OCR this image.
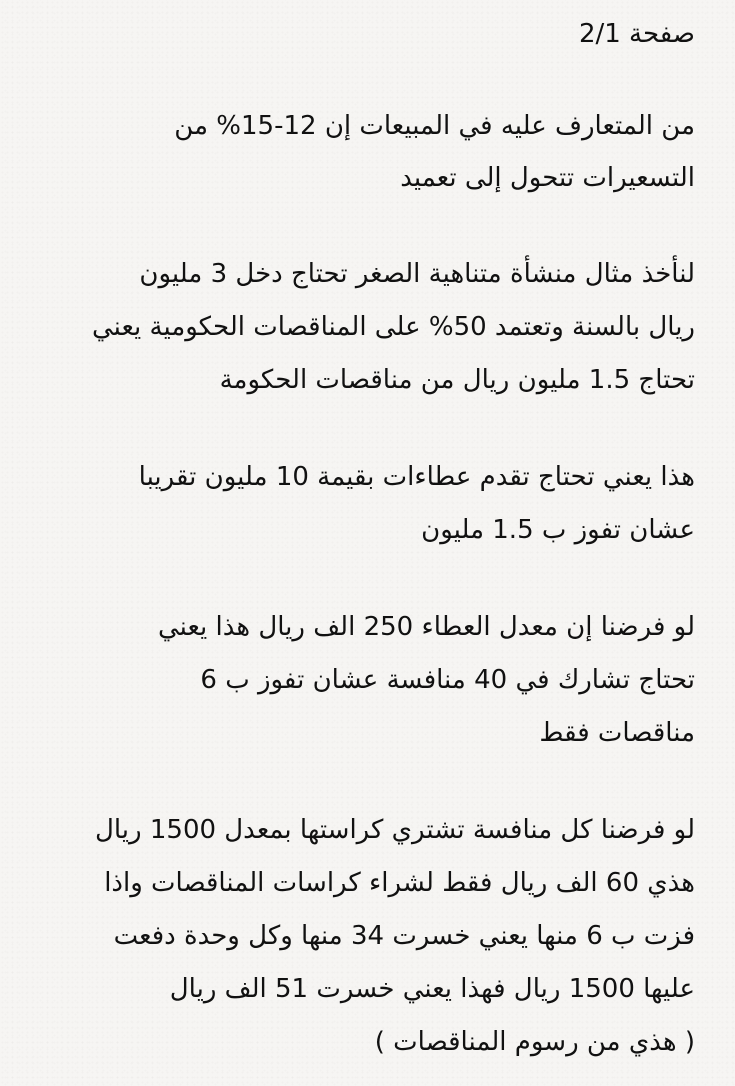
صفحة 2/1
من المتعارف عليه في المبيعات إن 12-15% من
التسعيرات تتحول إلى تعميد
لنأخذ مثال منشأة متناهية الصغر تحتاج دخل 3 مليون
ريال بالسنة وتعتمد 50% على المناقصات الحكومية يعني
تحتاج 1.5 مليون ريال من مناقصات الحكومة
هذا يعني تحتاج تقدم عطاءات بقيمة 10 مليون تقريبا
عشان تفوز ب 1.5 مليون
لو فرضنا إن معدل العطاء 250 الف ريال هذا يعني
تحتاج تشارك في 40 منافسة عشان تفوز ب 6
مناقصات فقط
لو فرضنا كل منافسة تشتري كراستها بمعدل 1500 ريال
هذي 60 الف ريال فقط لشراء كراسات المناقصات واذا
فزت ب 6 منها يعني خسرت 34 منها وكل وحدة دفعت
عليها 1500 ريال فهذا يعني خسرت 51 الف ريال
( هذي من رسوم المناقصات )
